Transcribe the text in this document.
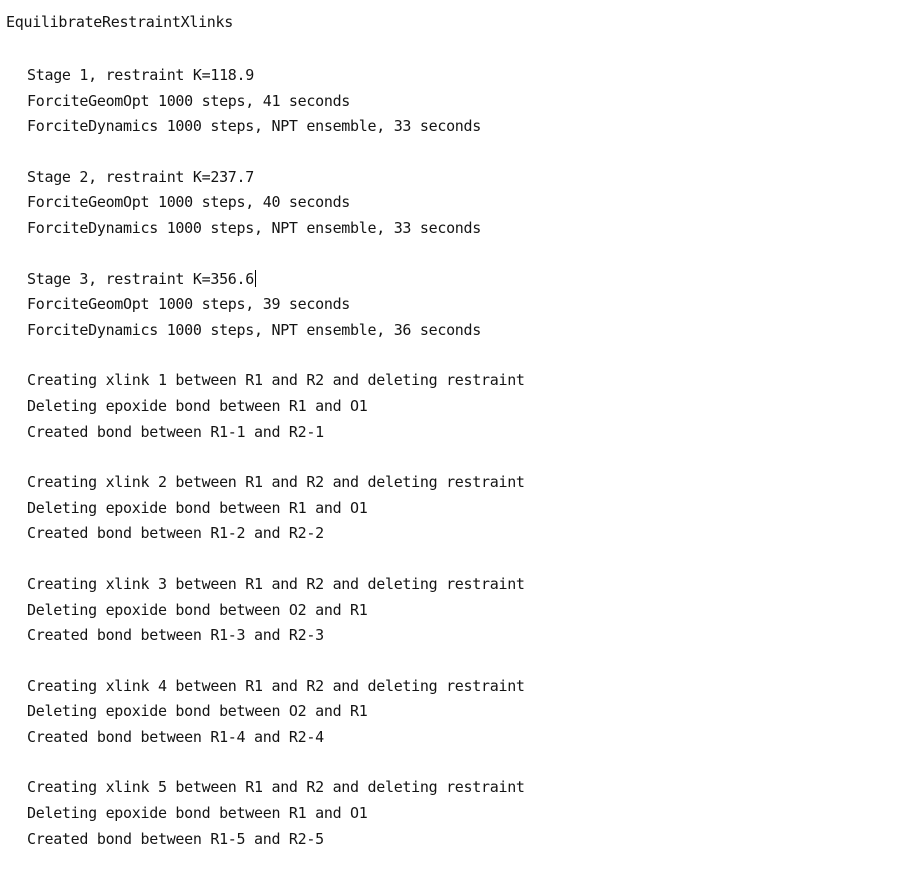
EquilibrateRestraintXlinks
Stage 1, restraint K=118.9
ForciteGeomOpt 1000 steps, 41 seconds
ForciteDynamics 1000 steps, NPT ensemble, 33 seconds
Stage 2, restraint K=237.7
ForciteGeomOpt 1000 steps, 40 seconds
ForciteDynamics 1000 steps, NPT ensemble, 33 seconds
Stage 3, restraint K=356.6
ForciteGeomOpt 1000 steps, 39 seconds
ForciteDynamics 1000 steps, NPT ensemble, 36 seconds
Creating xlink 1 between R1 and R2 and deleting restraint
Deleting epoxide bond between R1 and O1
Created bond between R1-1 and R2-1
Creating xlink 2 between R1 and R2 and deleting restraint
Deleting epoxide bond between R1 and O1
Created bond between R1-2 and R2-2
Creating xlink 3 between R1 and R2 and deleting restraint
Deleting epoxide bond between O2 and R1
Created bond between R1-3 and R2-3
Creating xlink 4 between R1 and R2 and deleting restraint
Deleting epoxide bond between O2 and R1
Created bond between R1-4 and R2-4
Creating xlink 5 between R1 and R2 and deleting restraint
Deleting epoxide bond between R1 and O1
Created bond between R1-5 and R2-5
